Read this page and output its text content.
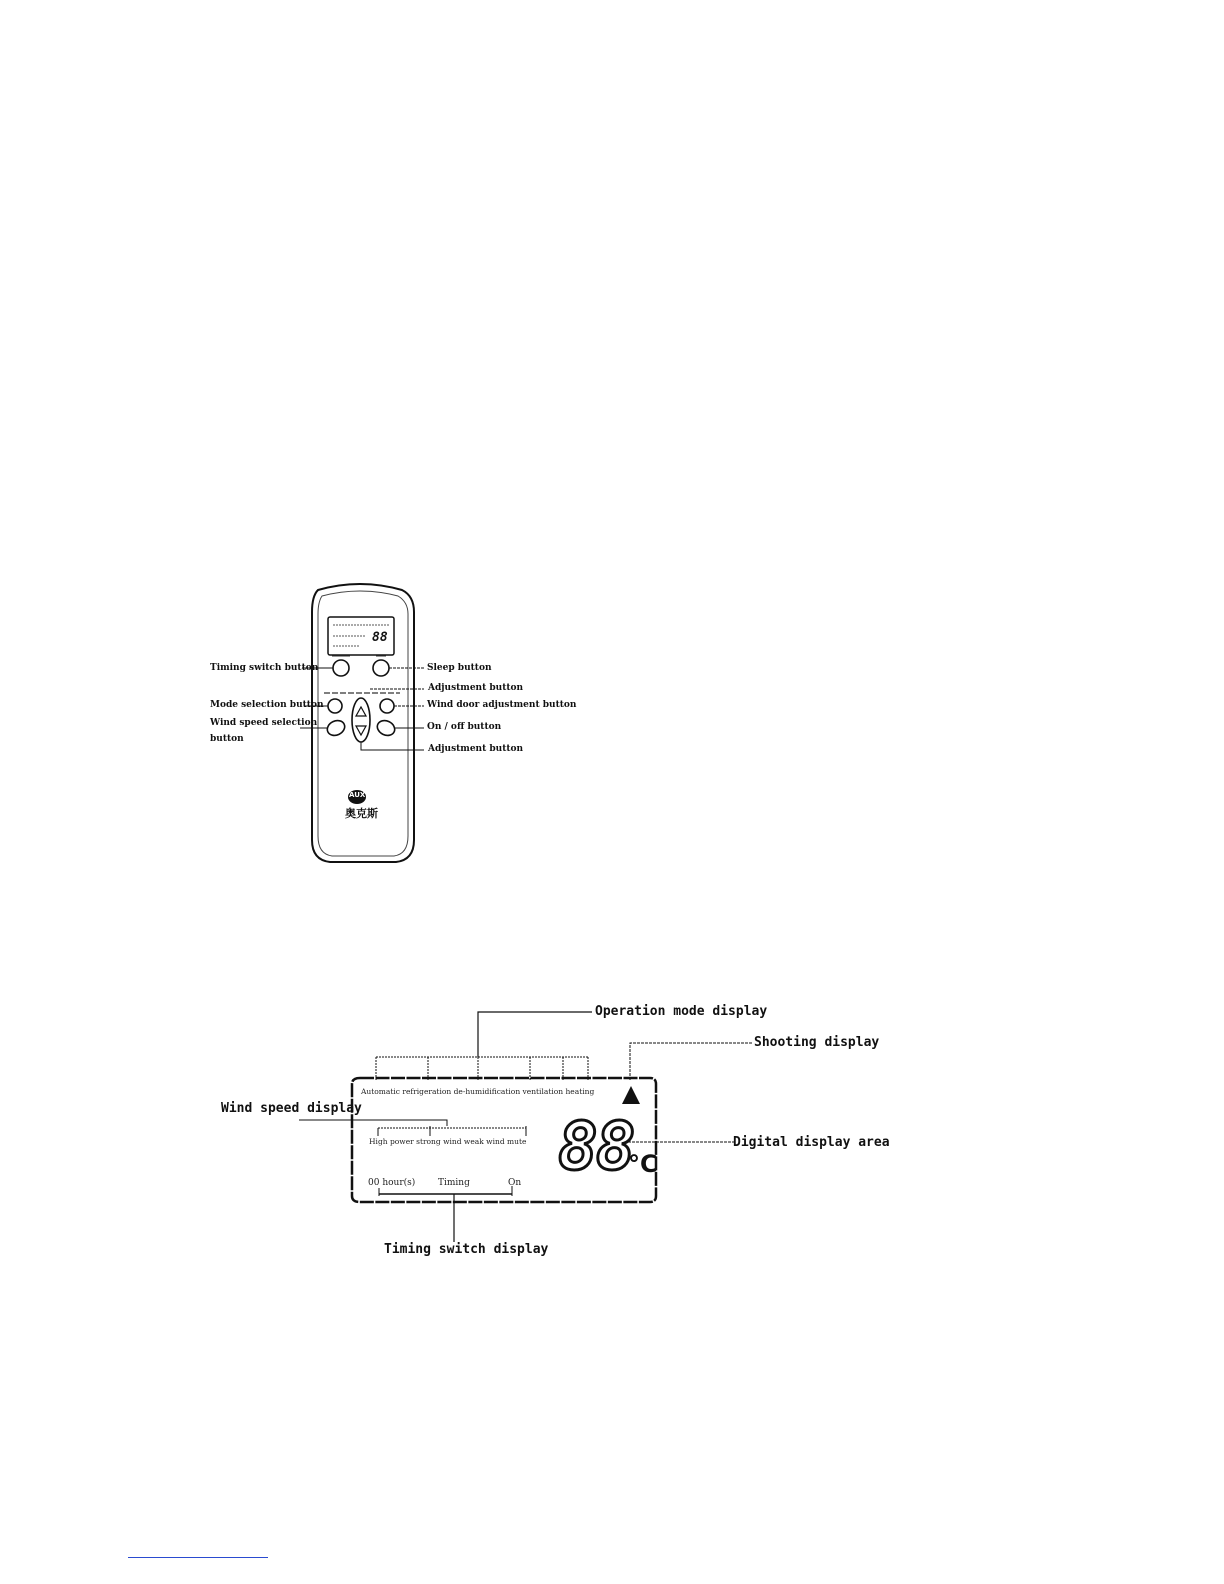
Timing switch button	Sleep button
Adjustment button
Mode selection button	Wind door adjustment button
Wind speed selection
button
On / off button
Adjustment button
88
AUX
奥克斯
Automatic refrigeration de-humidification ventilation heating
High power strong wind weak wind mute
00 hour(s)	Timing	On 88
°C
Operation mode display
Shooting display
Wind speed display
Digital display area
Timing switch display
